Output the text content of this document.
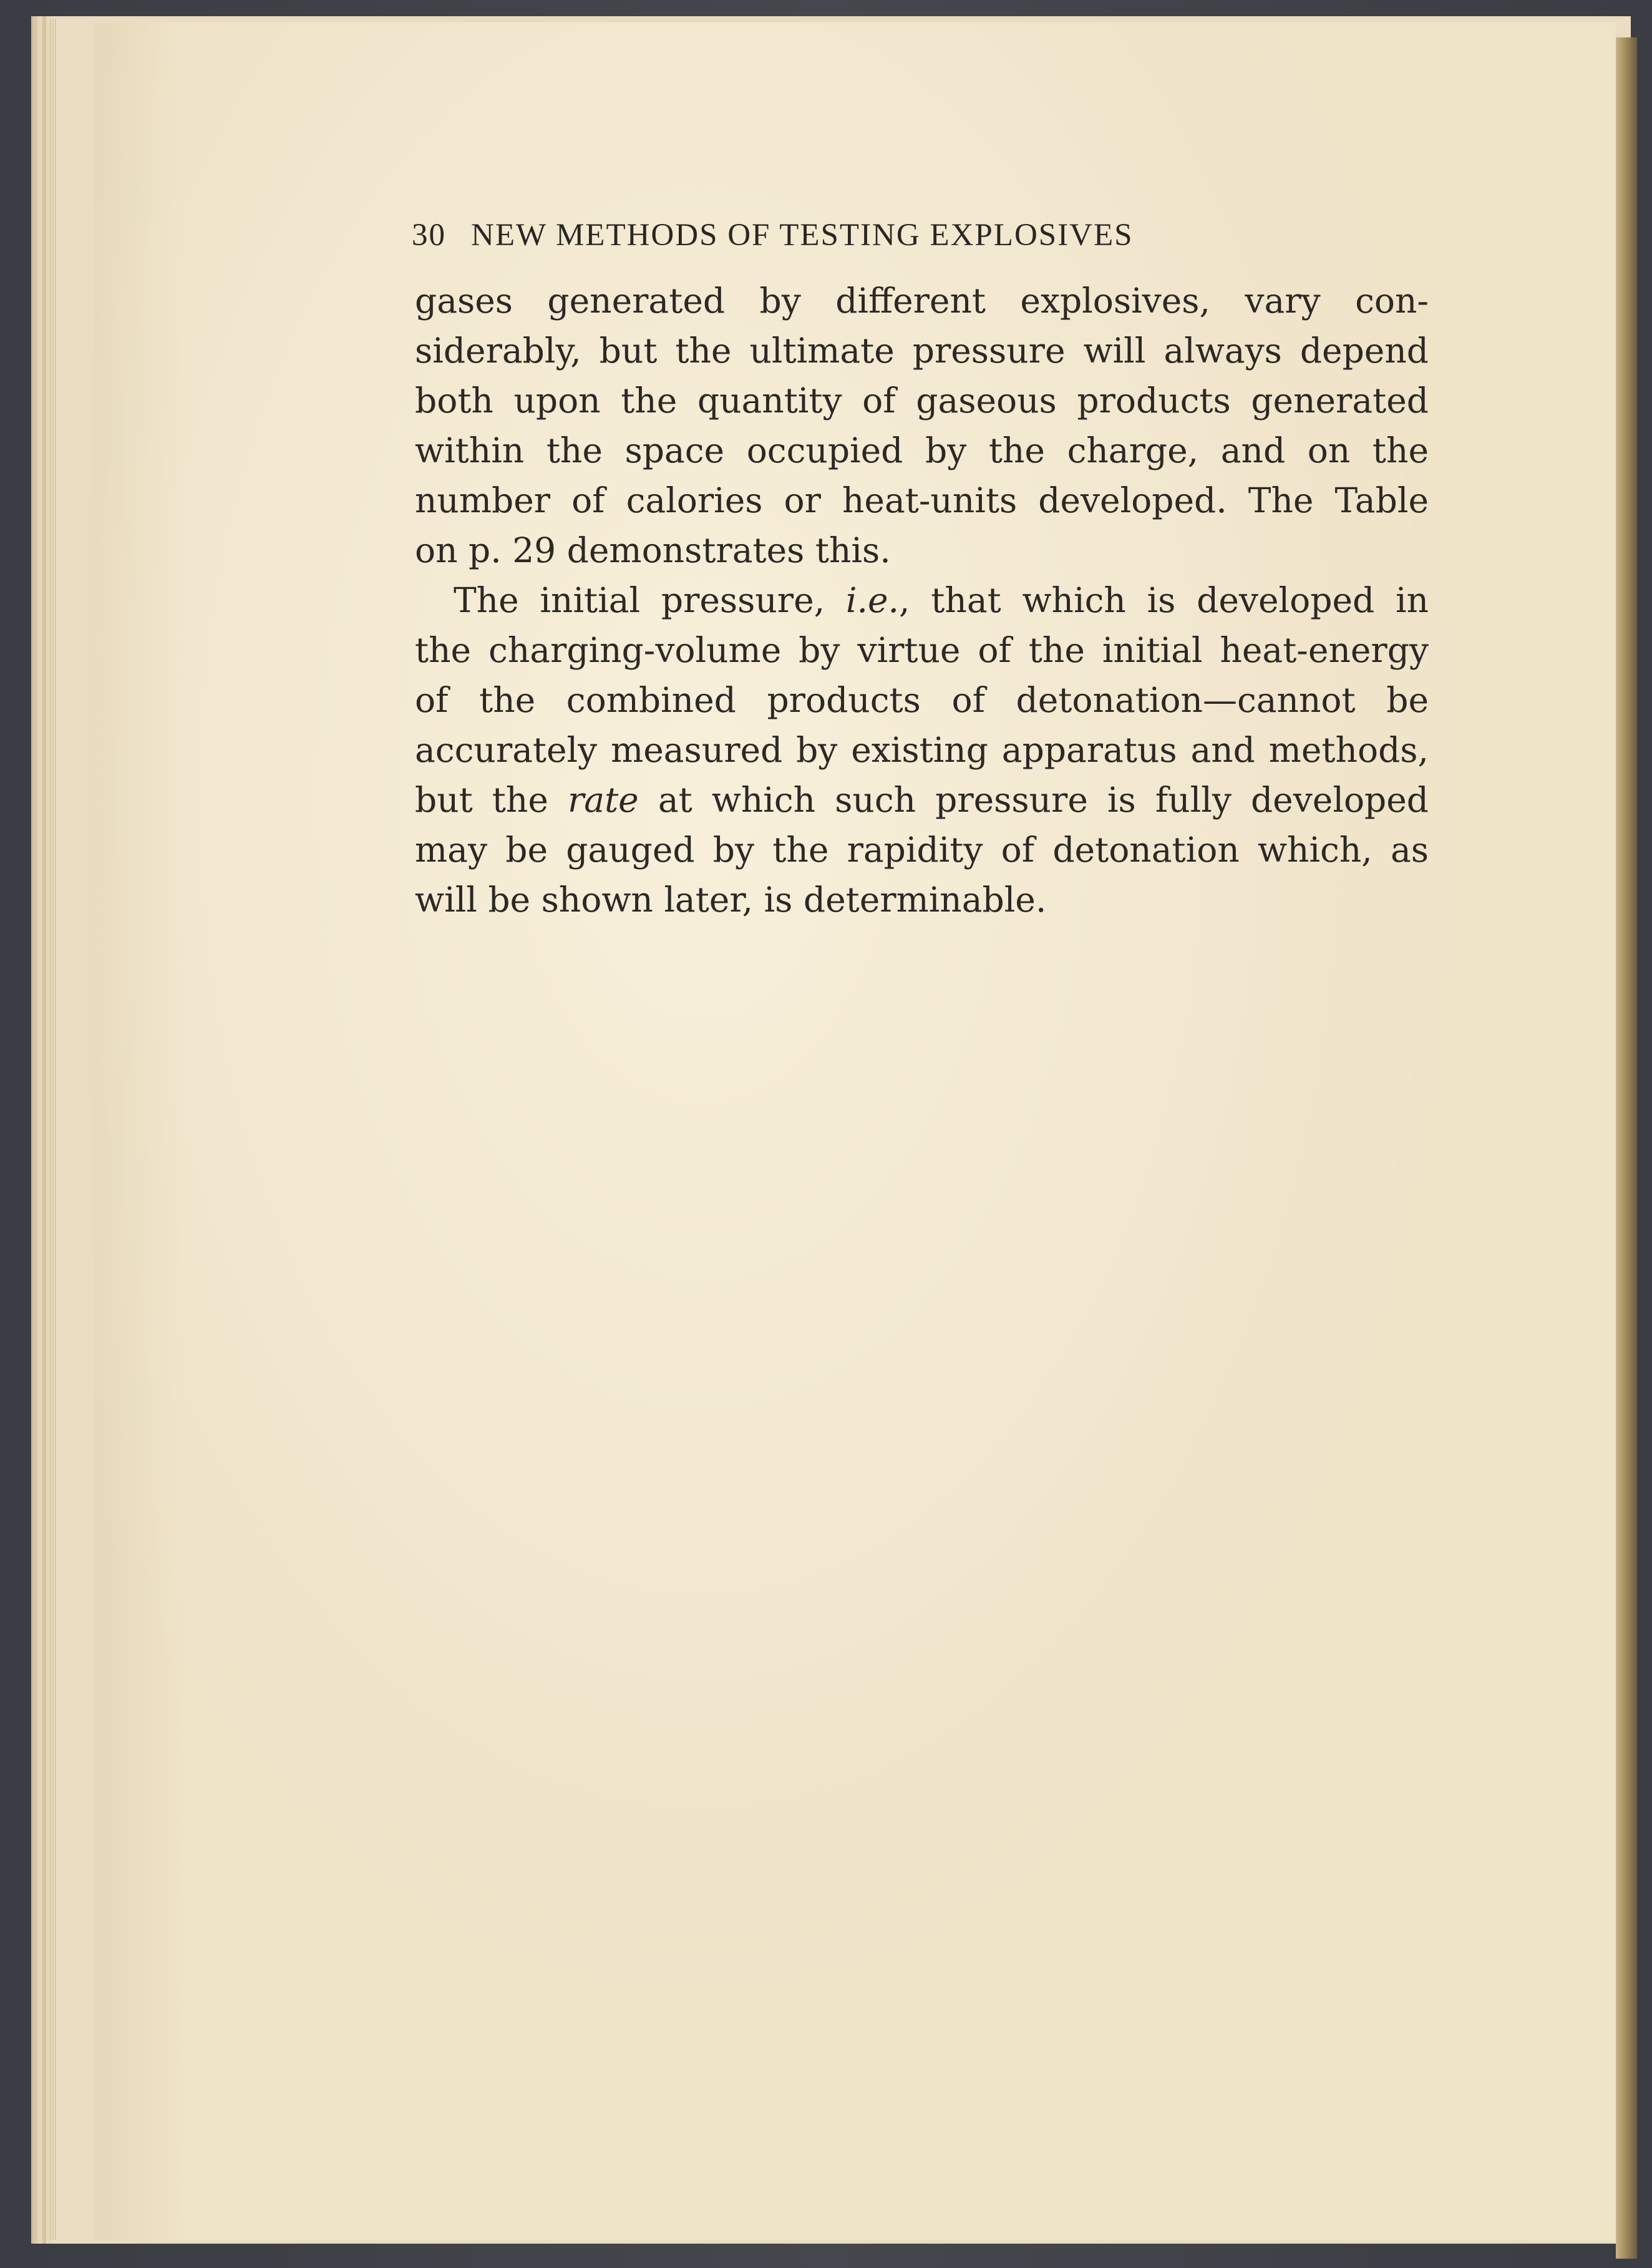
30 NEW METHODS OF TESTING EXPLOSIVES
gases generated by different explosives, vary con-
siderably, but the ultimate pressure will always depend
both upon the quantity of gaseous products generated
within the space occupied by the charge, and on the
number of calories or heat-units developed. The Table
on p. 29 demonstrates this.
The initial pressure, i.e., that which is developed in
the charging-volume by virtue of the initial heat-energy
of the combined products of detonation—cannot be
accurately measured by existing apparatus and methods,
but the rate at which such pressure is fully developed
may be gauged by the rapidity of detonation which, as
will be shown later, is determinable.
